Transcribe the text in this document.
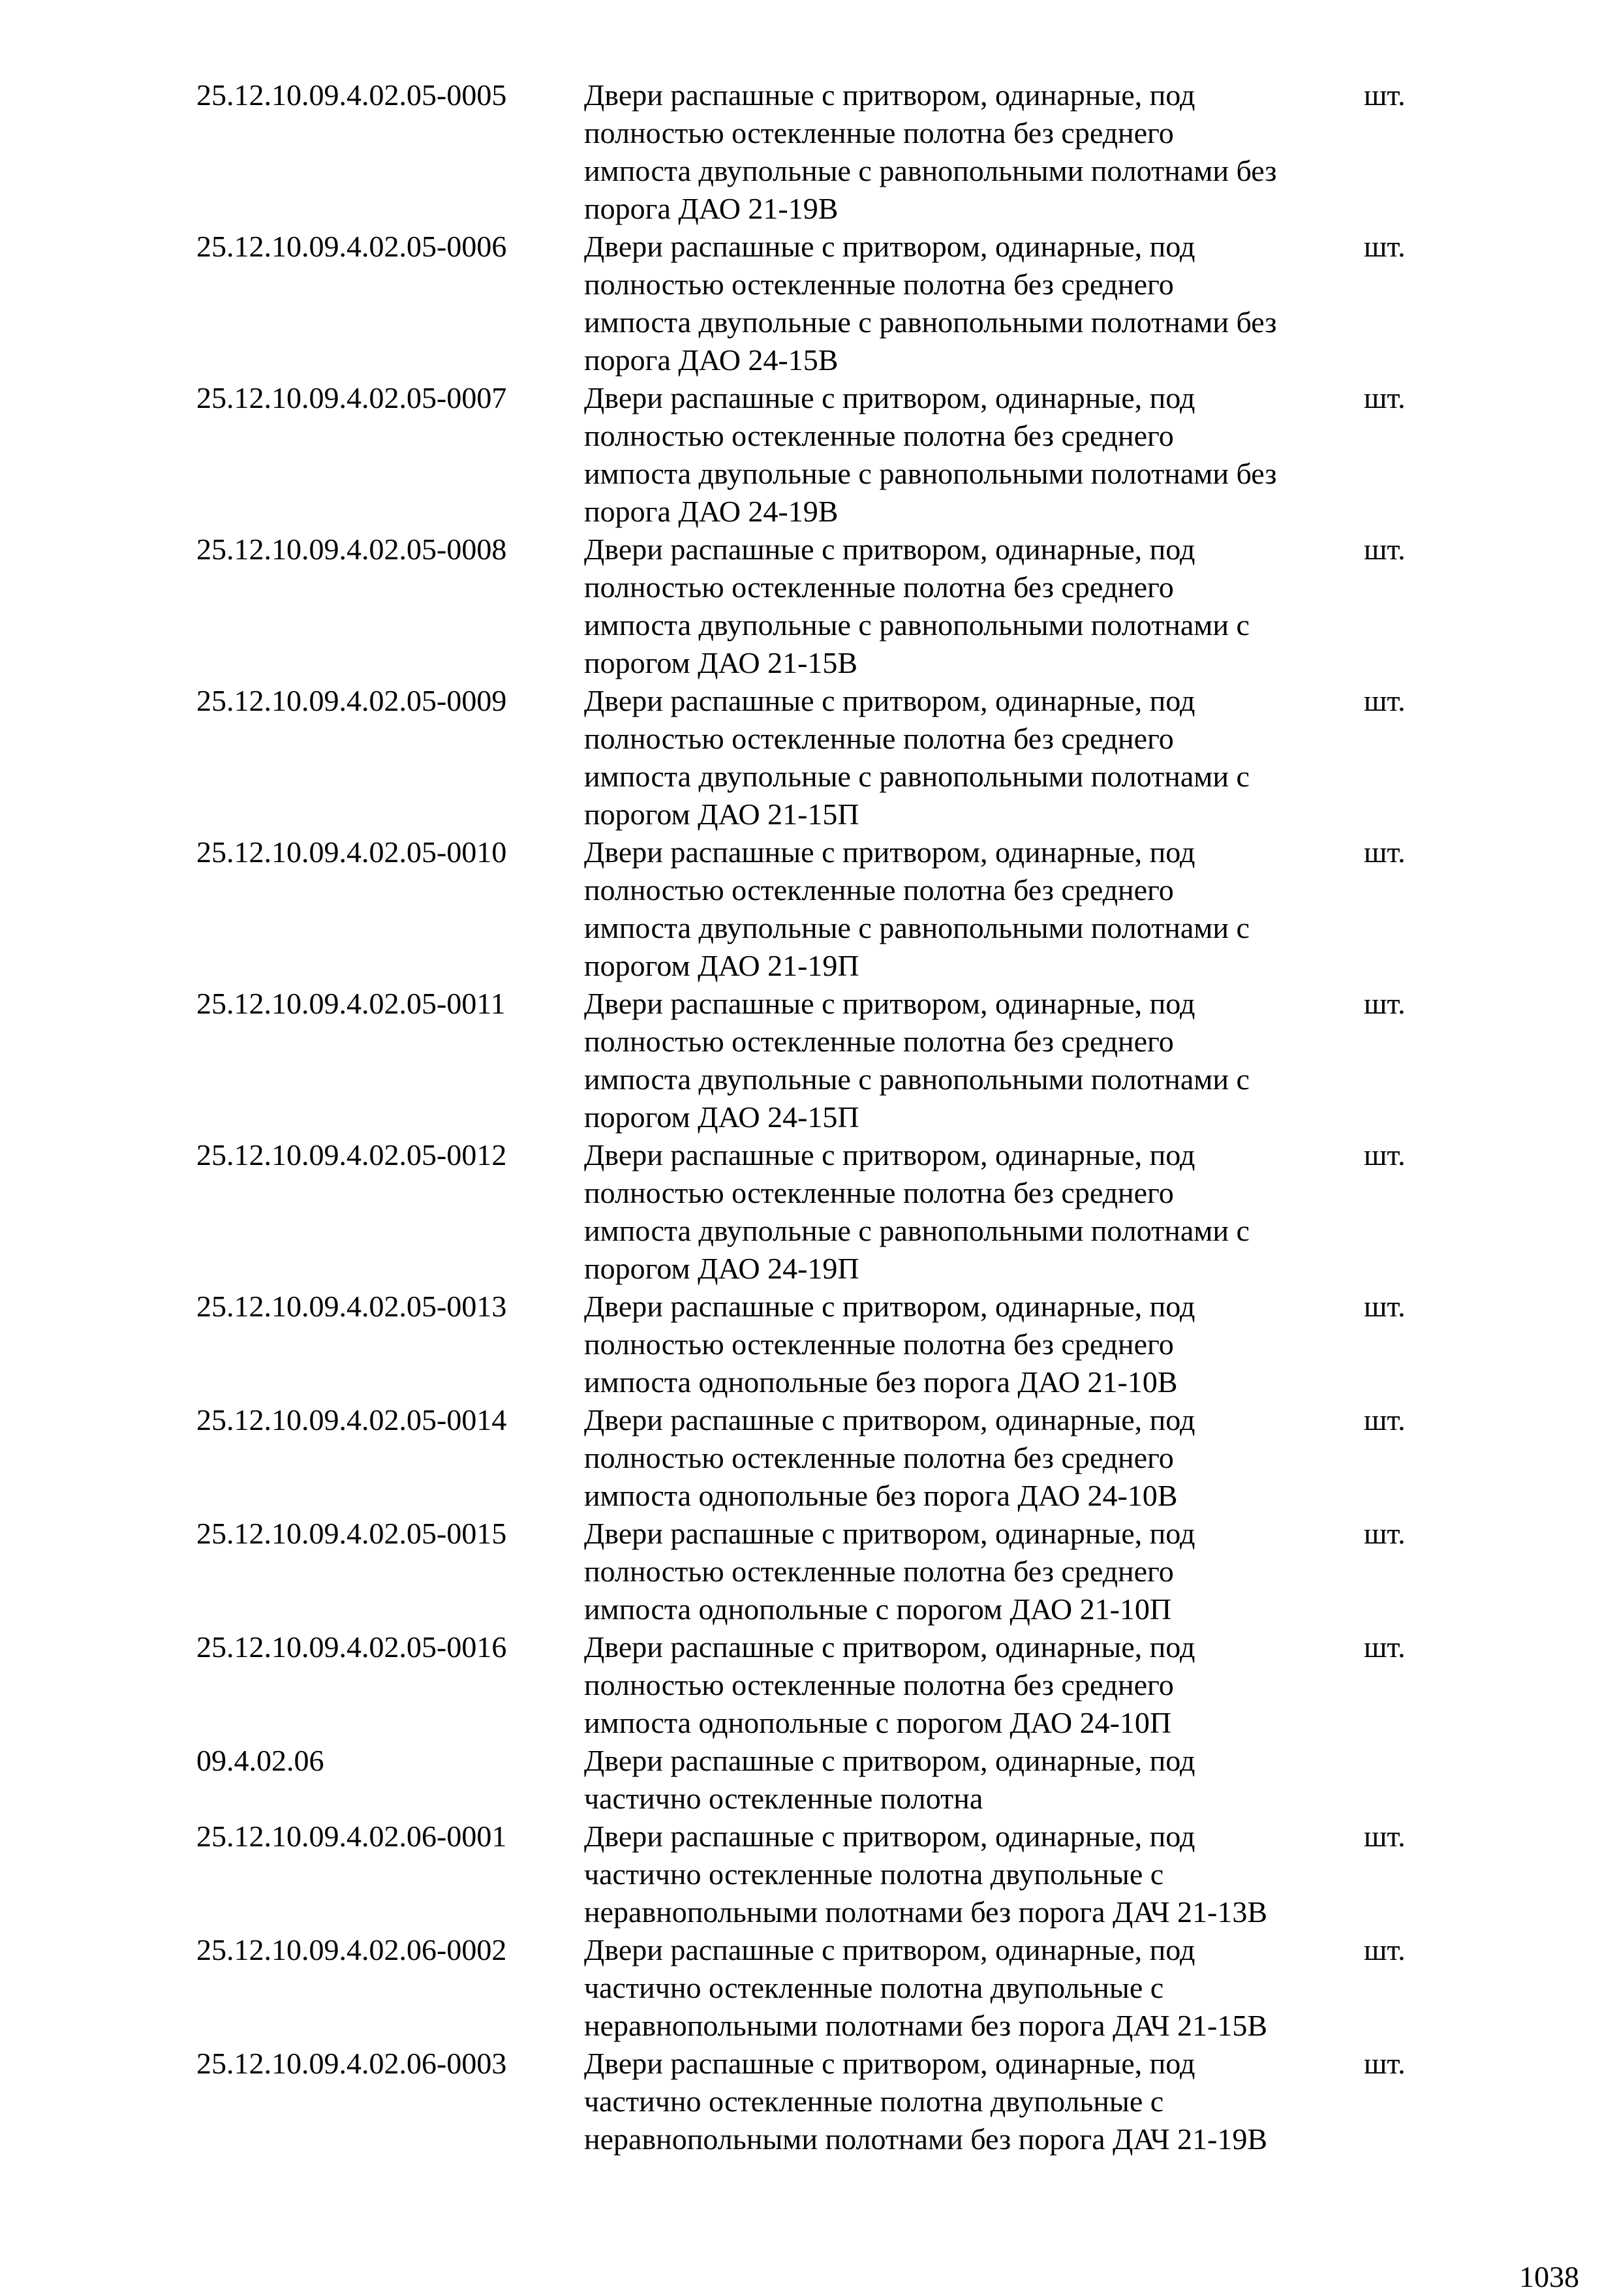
25.12.10.09.4.02.05-0005	Двери распашные с притвором, одинарные, под
полностью остекленные полотна без среднего
импоста двупольные с равнопольными полотнами без
порога ДАО 21-19В	шт.
25.12.10.09.4.02.05-0006	Двери распашные с притвором, одинарные, под
полностью остекленные полотна без среднего
импоста двупольные с равнопольными полотнами без
порога ДАО 24-15В	шт.
25.12.10.09.4.02.05-0007	Двери распашные с притвором, одинарные, под
полностью остекленные полотна без среднего
импоста двупольные с равнопольными полотнами без
порога ДАО 24-19В	шт.
25.12.10.09.4.02.05-0008	Двери распашные с притвором, одинарные, под
полностью остекленные полотна без среднего
импоста двупольные с равнопольными полотнами с
порогом ДАО 21-15В	шт.
25.12.10.09.4.02.05-0009	Двери распашные с притвором, одинарные, под
полностью остекленные полотна без среднего
импоста двупольные с равнопольными полотнами с
порогом ДАО 21-15П	шт.
25.12.10.09.4.02.05-0010	Двери распашные с притвором, одинарные, под
полностью остекленные полотна без среднего
импоста двупольные с равнопольными полотнами с
порогом ДАО 21-19П	шт.
25.12.10.09.4.02.05-0011	Двери распашные с притвором, одинарные, под
полностью остекленные полотна без среднего
импоста двупольные с равнопольными полотнами с
порогом ДАО 24-15П	шт.
25.12.10.09.4.02.05-0012	Двери распашные с притвором, одинарные, под
полностью остекленные полотна без среднего
импоста двупольные с равнопольными полотнами с
порогом ДАО 24-19П	шт.
25.12.10.09.4.02.05-0013	Двери распашные с притвором, одинарные, под
полностью остекленные полотна без среднего
импоста однопольные без порога ДАО 21-10В	шт.
25.12.10.09.4.02.05-0014	Двери распашные с притвором, одинарные, под
полностью остекленные полотна без среднего
импоста однопольные без порога ДАО 24-10В	шт.
25.12.10.09.4.02.05-0015	Двери распашные с притвором, одинарные, под
полностью остекленные полотна без среднего
импоста однопольные с порогом ДАО 21-10П	шт.
25.12.10.09.4.02.05-0016	Двери распашные с притвором, одинарные, под
полностью остекленные полотна без среднего
импоста однопольные с порогом ДАО 24-10П	шт.
09.4.02.06	Двери распашные с притвором, одинарные, под
частично остекленные полотна	

25.12.10.09.4.02.06-0001	Двери распашные с притвором, одинарные, под
частично остекленные полотна двупольные с
неравнопольными полотнами без порога ДАЧ 21-13В	шт.
25.12.10.09.4.02.06-0002	Двери распашные с притвором, одинарные, под
частично остекленные полотна двупольные с
неравнопольными полотнами без порога ДАЧ 21-15В	шт.
25.12.10.09.4.02.06-0003	Двери распашные с притвором, одинарные, под
частично остекленные полотна двупольные с
неравнопольными полотнами без порога ДАЧ 21-19В	шт.
1038
